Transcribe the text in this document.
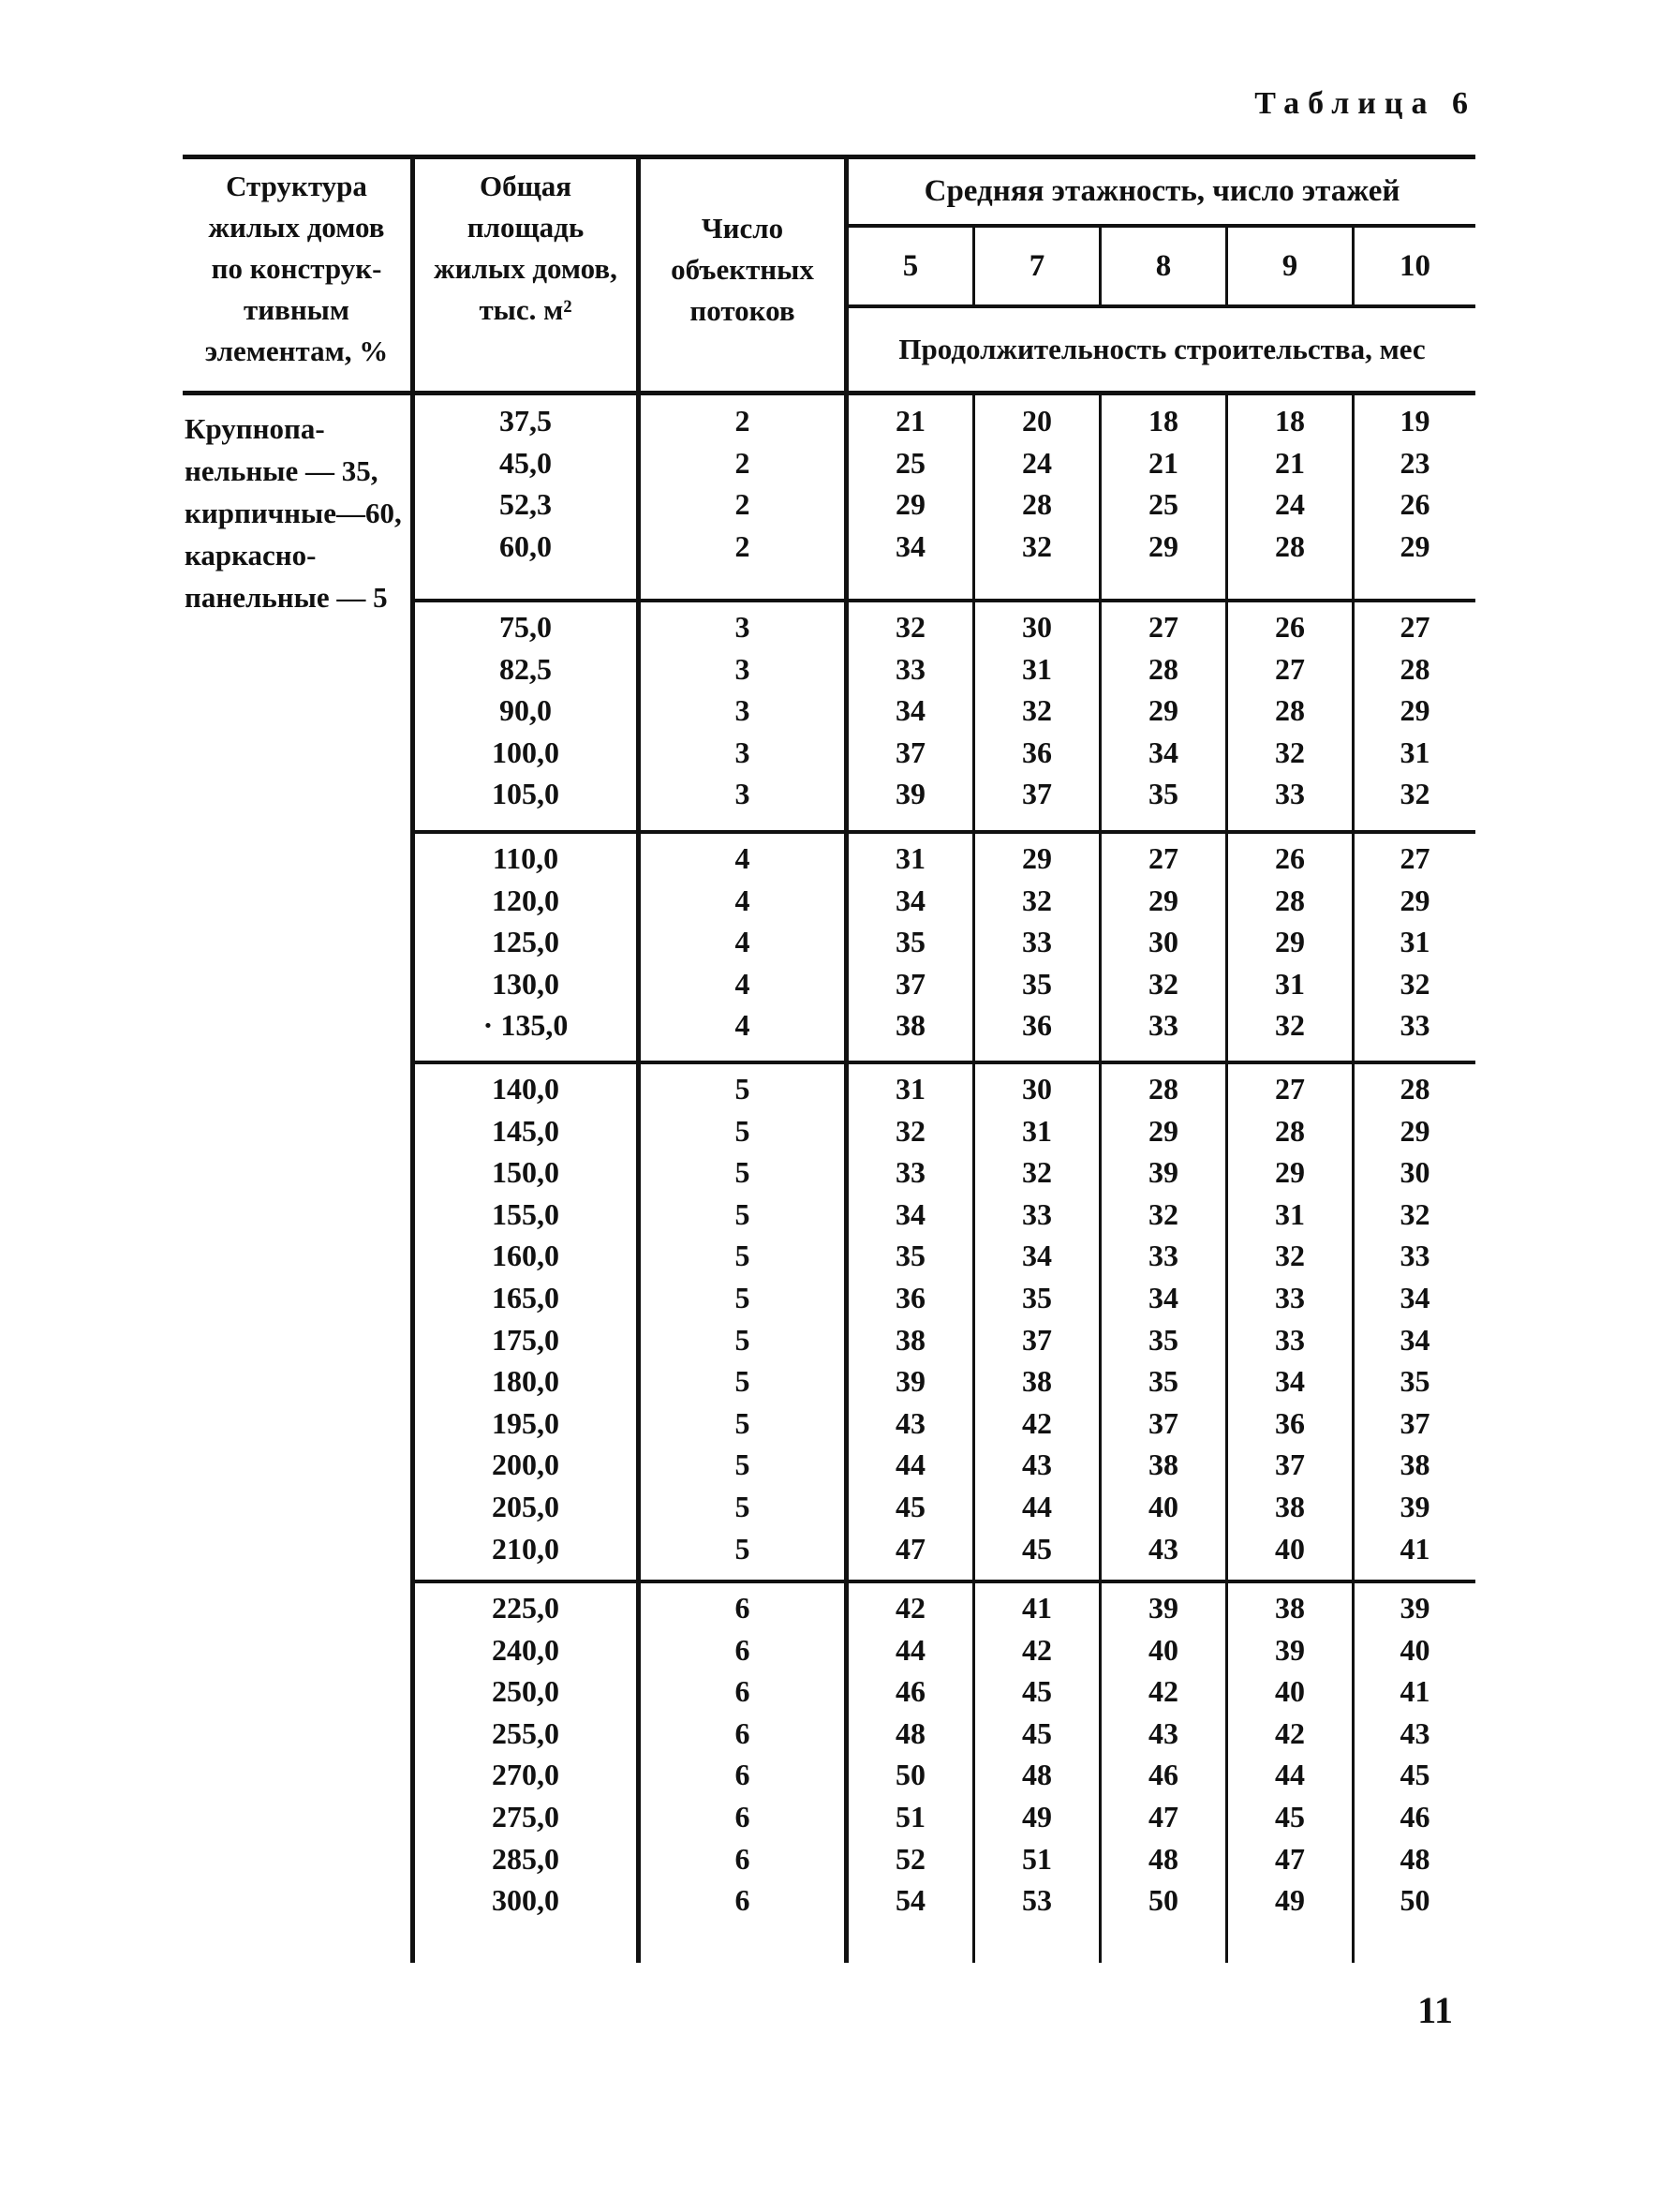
Таблица 6
Структура
жилых домов
по конструк-
тивным
элементам, %
Общая
площадь
жилых домов,
тыс. м²
Число
объектных
потоков
Средняя этажность, число этажей
5	7	8	9	10
Продолжительность строительства, мес
Крупнопа-
нельные — 35,
кирпичные—60,
каркасно-
панельные — 5
37,5	2	21	20	18	18	19
45,0	2	25	24	21	21	23
52,3	2	29	28	25	24	26
60,0	2	34	32	29	28	29
75,0	3	32	30	27	26	27
82,5	3	33	31	28	27	28
90,0	3	34	32	29	28	29
100,0	3	37	36	34	32	31
105,0	3	39	37	35	33	32
110,0	4	31	29	27	26	27
120,0	4	34	32	29	28	29
125,0	4	35	33	30	29	31
130,0	4	37	35	32	31	32
· 135,0	4	38	36	33	32	33
140,0	5	31	30	28	27	28
145,0	5	32	31	29	28	29
150,0	5	33	32	39	29	30
155,0	5	34	33	32	31	32
160,0	5	35	34	33	32	33
165,0	5	36	35	34	33	34
175,0	5	38	37	35	33	34
180,0	5	39	38	35	34	35
195,0	5	43	42	37	36	37
200,0	5	44	43	38	37	38
205,0	5	45	44	40	38	39
210,0	5	47	45	43	40	41
225,0	6	42	41	39	38	39
240,0	6	44	42	40	39	40
250,0	6	46	45	42	40	41
255,0	6	48	45	43	42	43
270,0	6	50	48	46	44	45
275,0	6	51	49	47	45	46
285,0	6	52	51	48	47	48
300,0	6	54	53	50	49	50
11
